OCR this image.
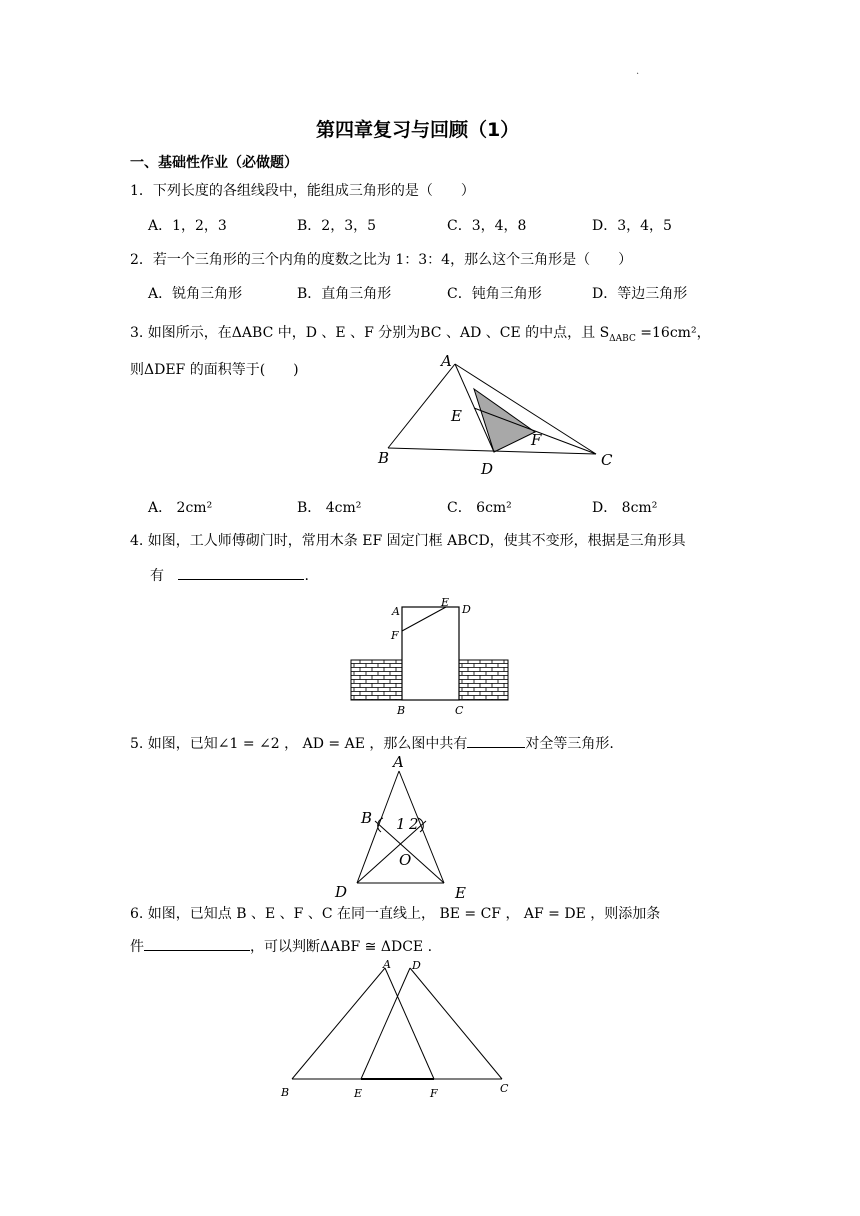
.
第四章复习与回顾（1）
一、基础性作业（必做题）
1．下列长度的各组线段中，能组成三角形的是（　　）
A．1，2，3	B．2，3，5	C．3，4，8	D．3，4，5
2．若一个三角形的三个内角的度数之比为 1：3：4，那么这个三角形是（　　）
A．锐角三角形	B．直角三角形	C．钝角三角形	D．等边三角形
3. 如图所示，在ΔABC 中，D 、E 、F 分别为BC 、AD 、CE 的中点，且 $S_{\Delta ABC} =16cm^2$，
则ΔDEF 的面积等于(　　)	A
B	C
D
E
F
A． 2cm²	B． 4cm²	C． 6cm²	D． 8cm²
4. 如图，工人师傅砌门时，常用木条 EF 固定门框 ABCD，使其不变形，根据是三角形具
有	.
A
E
D
F
B	C
5. 如图，已知∠1 = ∠2 ， AD = AE ，那么图中共有	对全等三角形.
A
B 1 2
O
D	E
6. 如图，已知点 B 、E 、F 、C 在同一直线上， BE = CF ， AF = DE ，则添加条
件	，可以判断ΔABF ≅ ΔDCE .
A D
B	E	F	C
